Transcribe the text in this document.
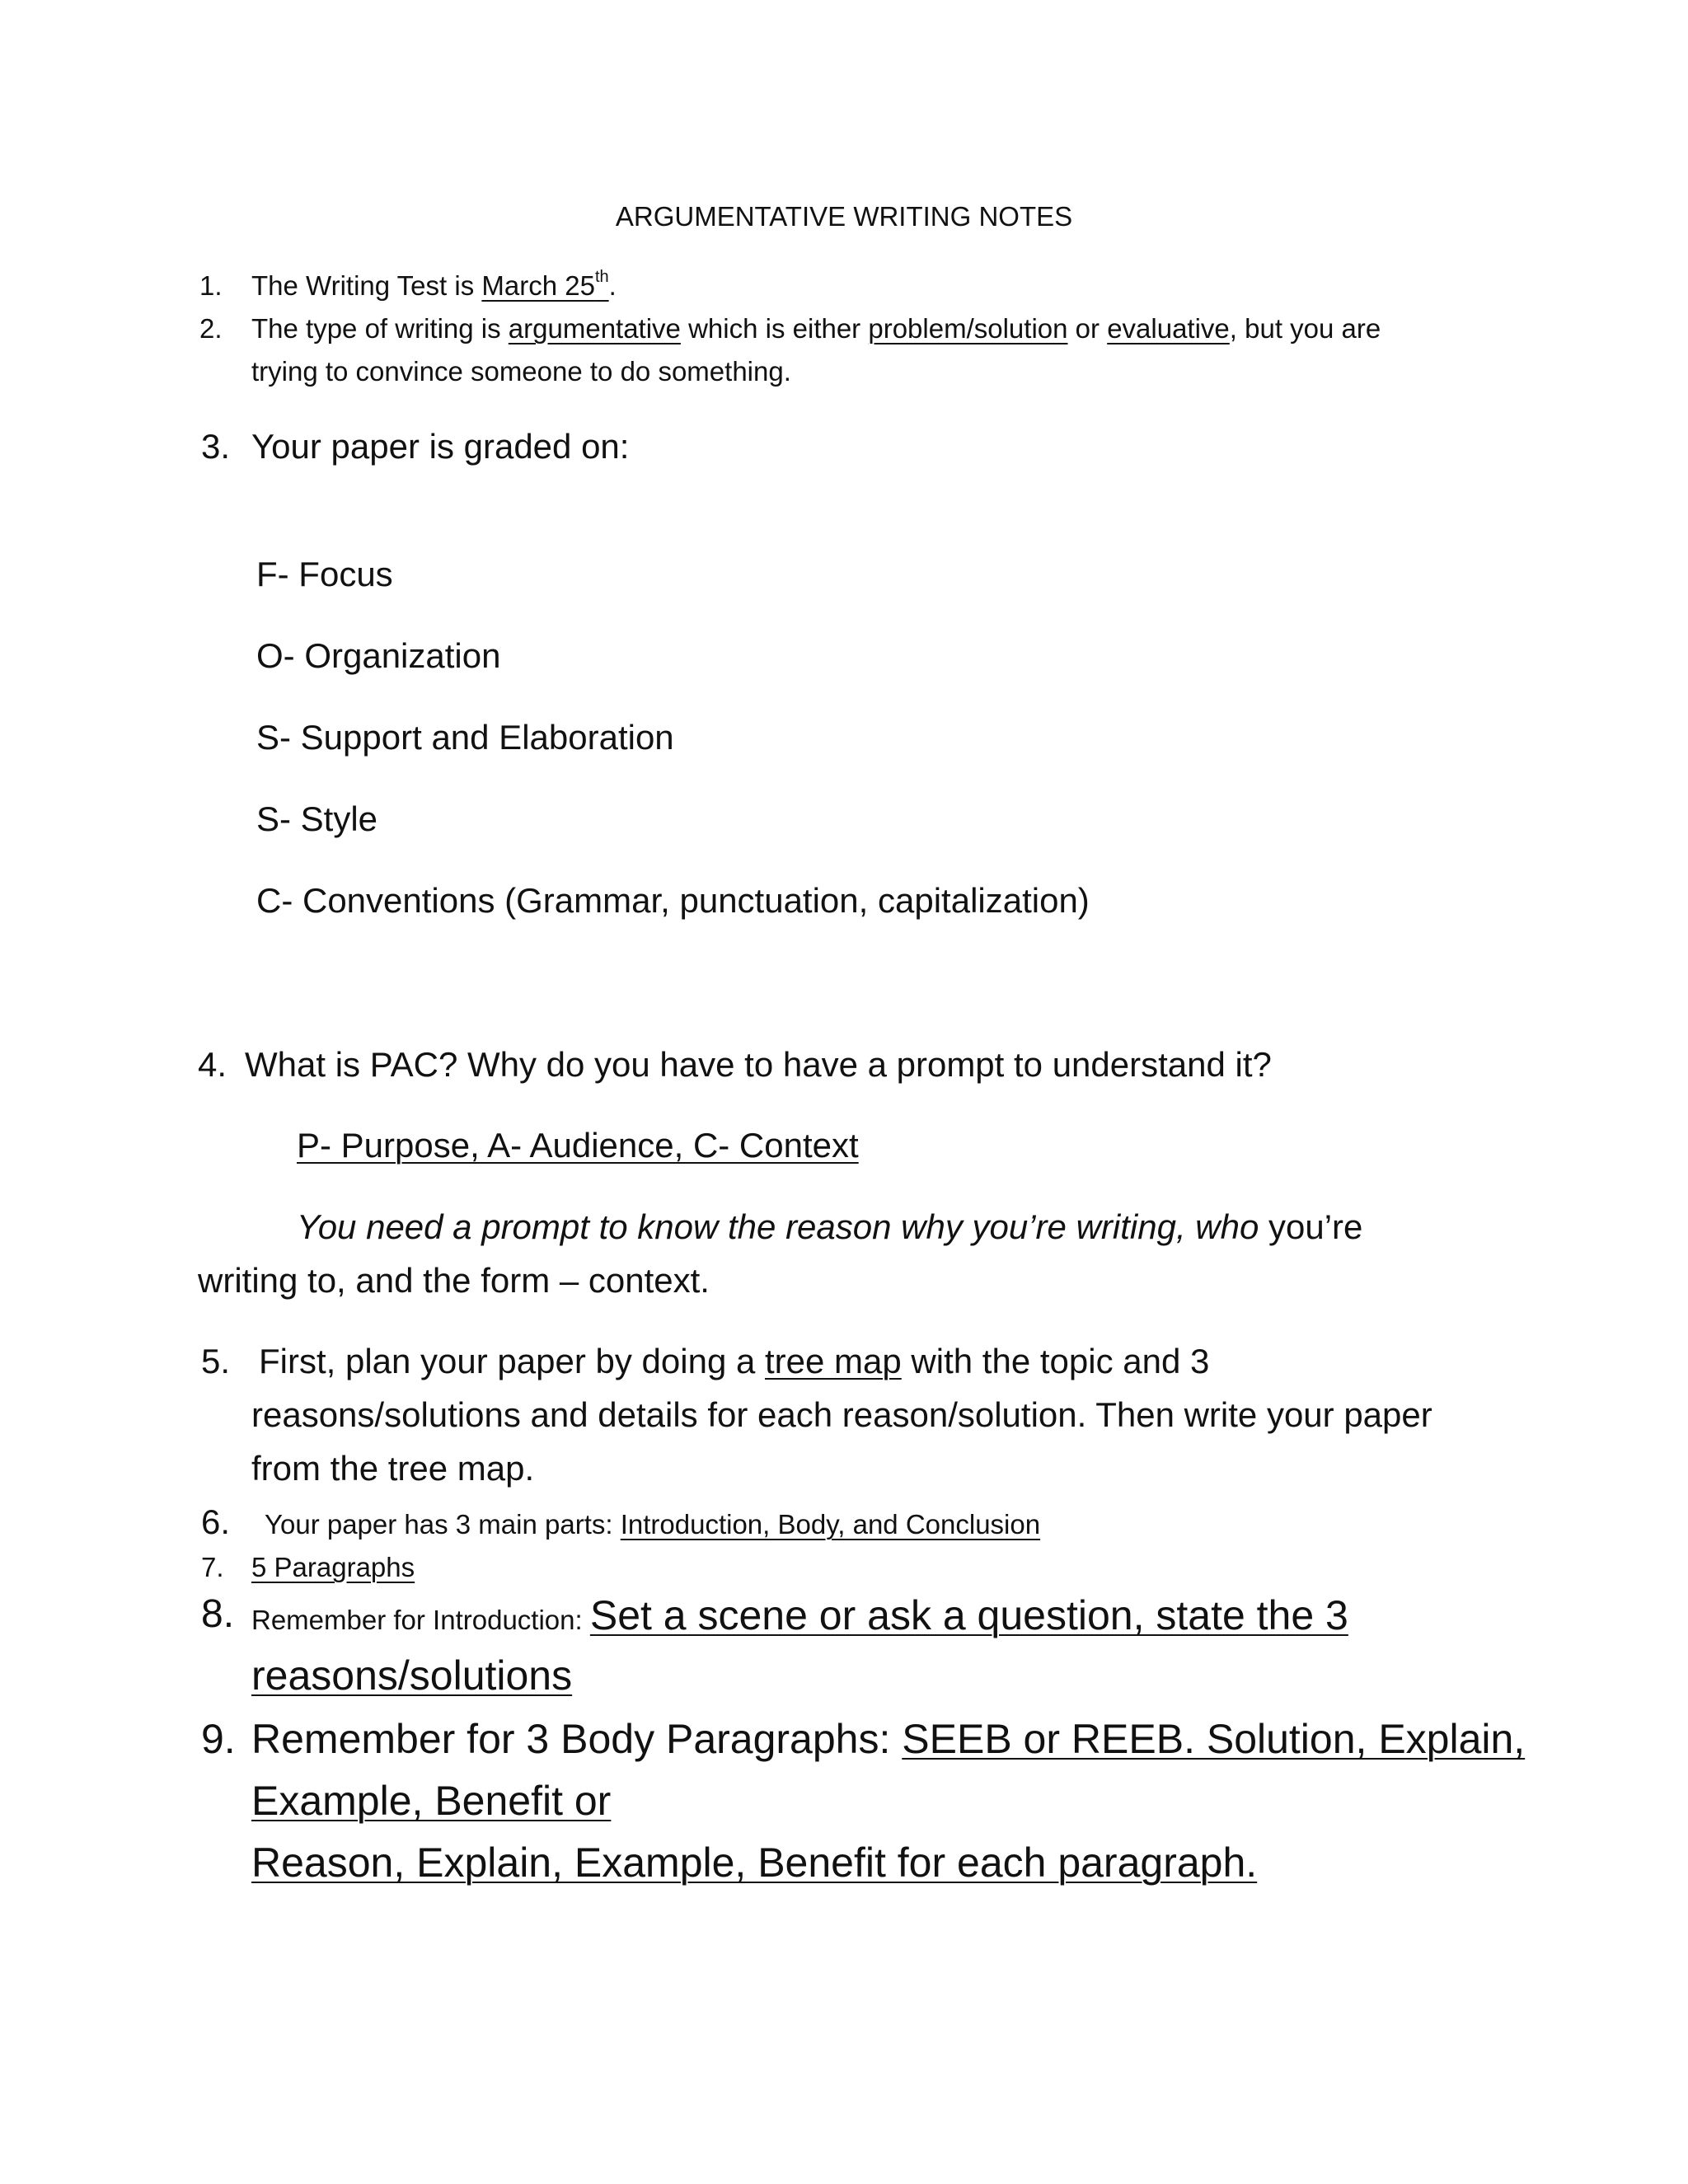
ARGUMENTATIVE WRITING NOTES
1. The Writing Test is March 25th.
2. The type of writing is argumentative which is either problem/solution or evaluative, but you are
trying to convince someone to do something.
3. Your paper is graded on:
F- Focus
O- Organization
S- Support and Elaboration
S- Style
C- Conventions (Grammar, punctuation, capitalization)
4. What is PAC? Why do you have to have a prompt to understand it?
P- Purpose, A- Audience, C- Context
You need a prompt to know the reason why you’re writing, who you’re
writing to, and the form – context.
5. First, plan your paper by doing a tree map with the topic and 3
reasons/solutions and details for each reason/solution. Then write your paper
from the tree map.
6. Your paper has 3 main parts: Introduction, Body, and Conclusion
7. 5 Paragraphs
8. Remember for Introduction: Set a scene or ask a question, state the 3
reasons/solutions
9. Remember for 3 Body Paragraphs: SEEB or REEB. Solution, Explain,
Example, Benefit or
Reason, Explain, Example, Benefit for each paragraph.
